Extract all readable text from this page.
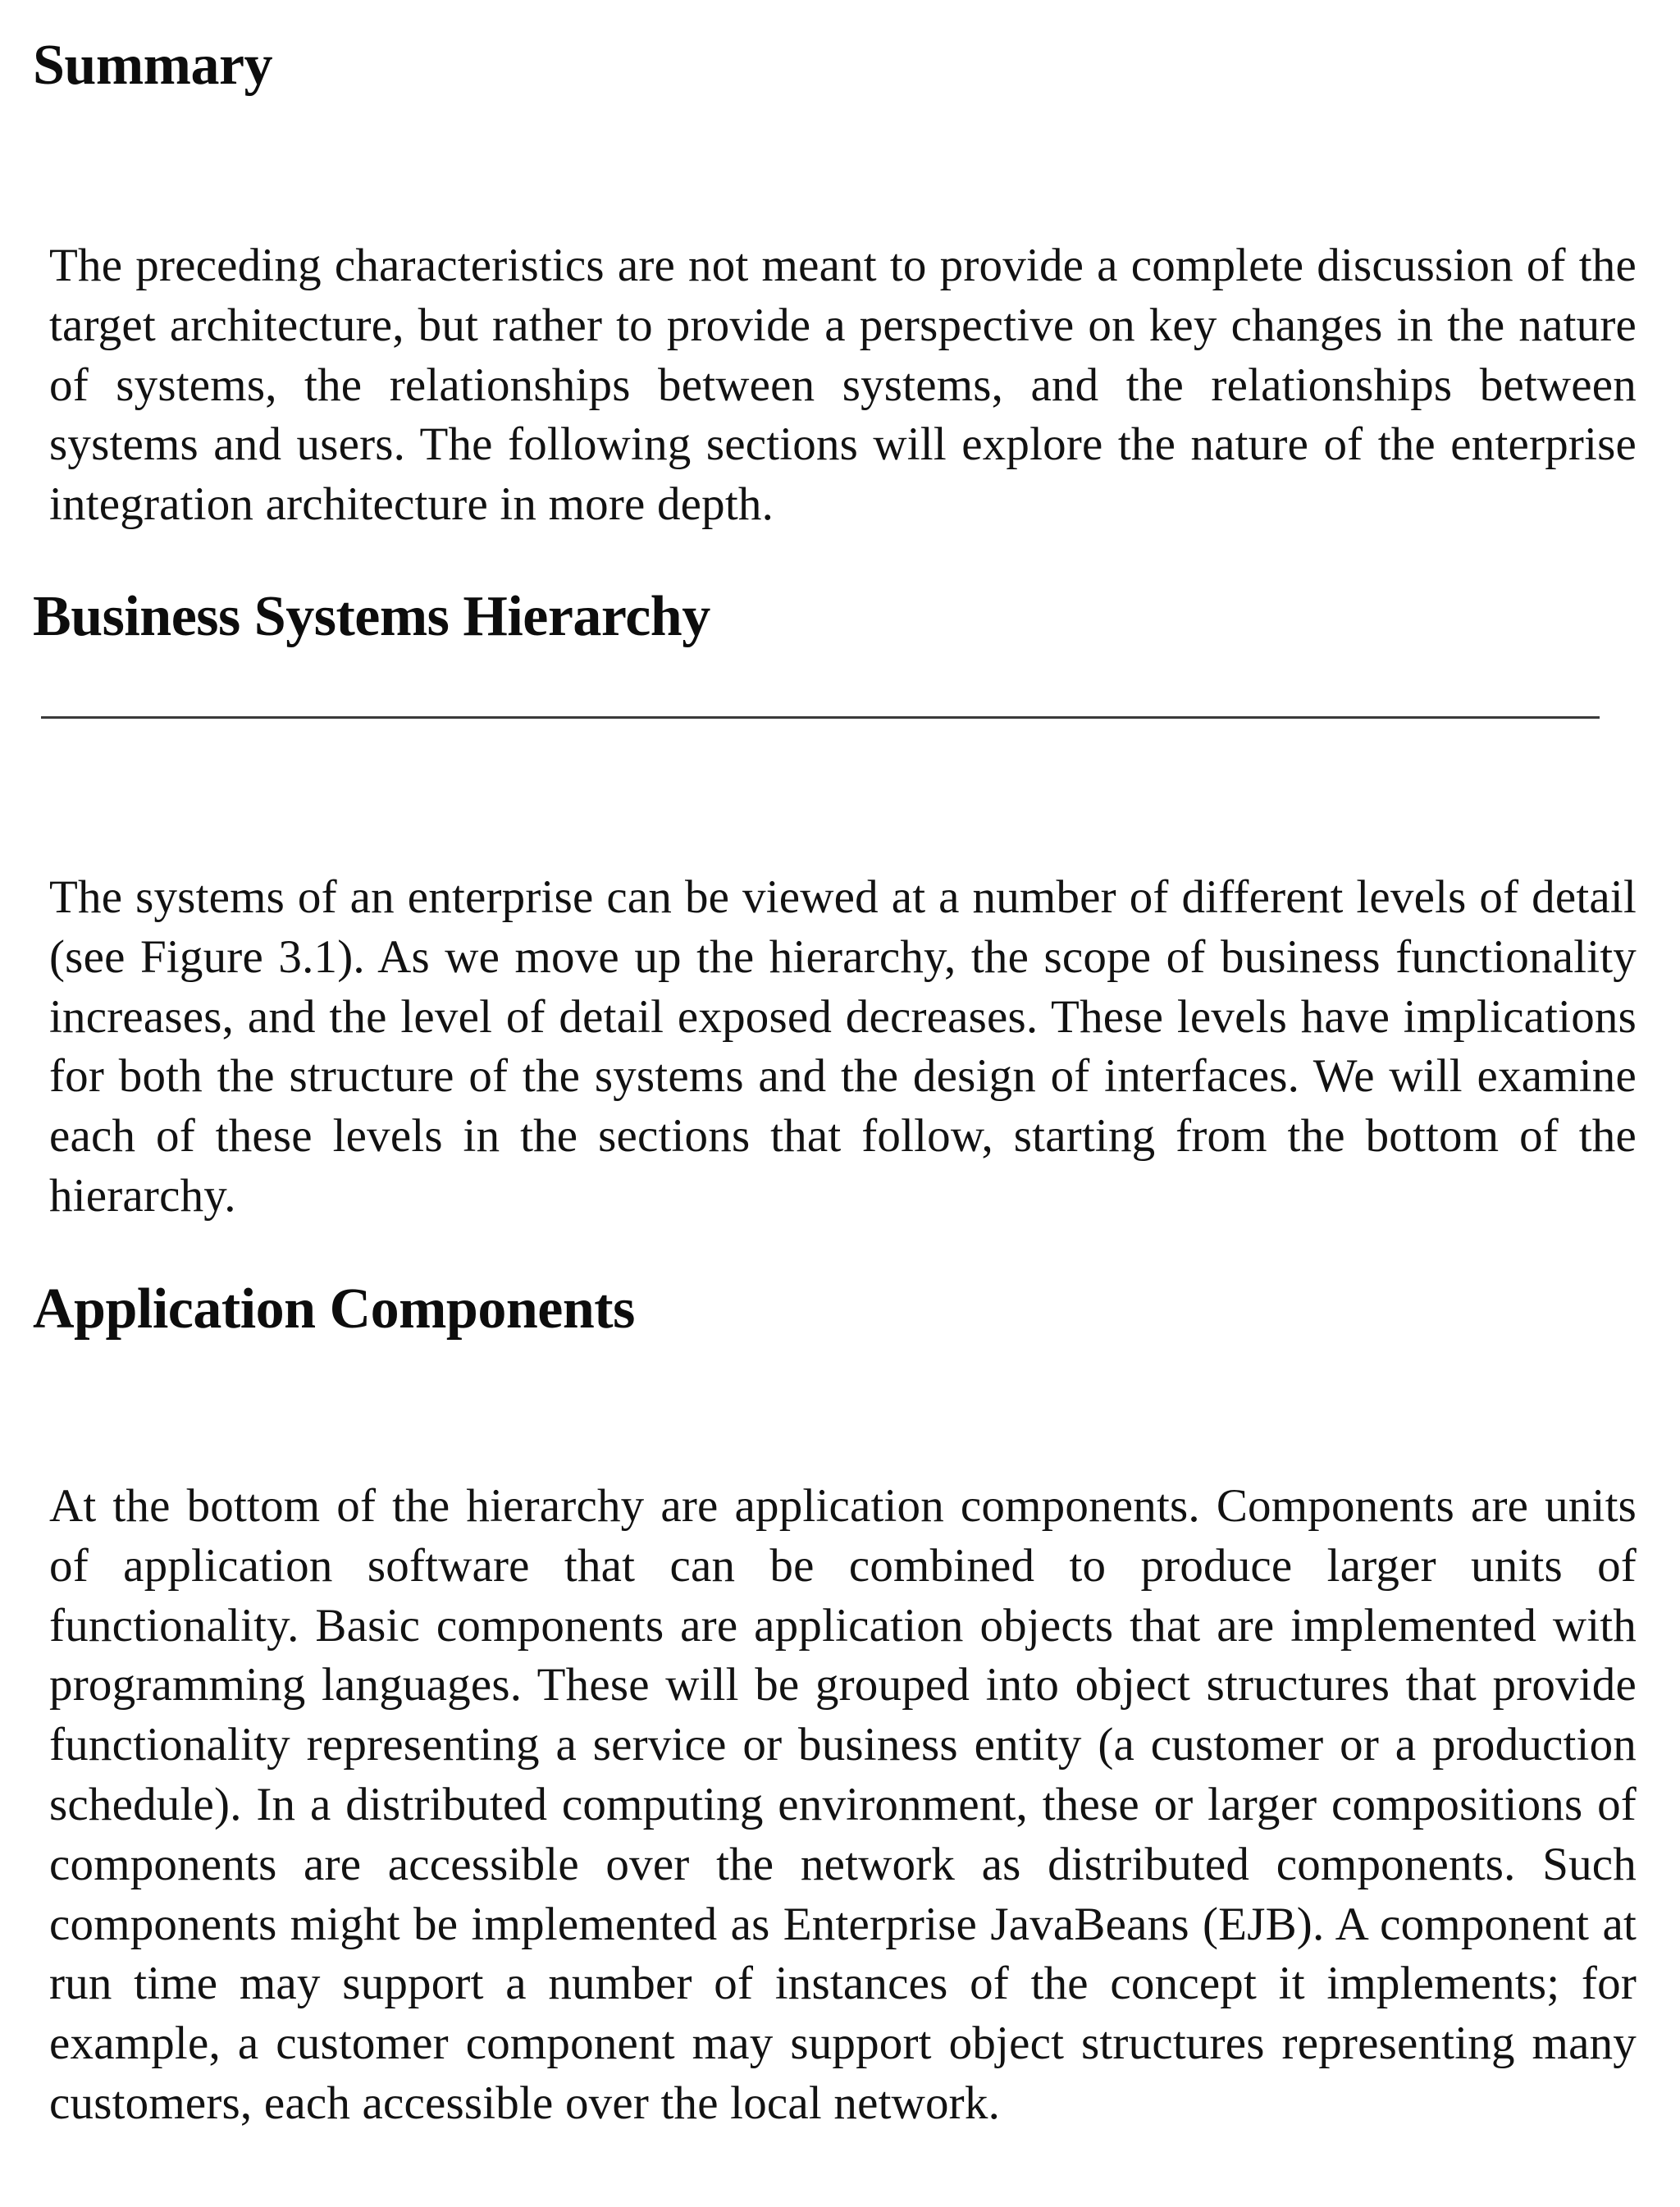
Summary

The preceding characteristics are not meant to provide a complete discussion of the target architecture, but rather to provide a perspective on key changes in the nature of systems, the relationships between systems, and the relationships between systems and users. The following sections will explore the nature of the enterprise integration architecture in more depth.

Business Systems Hierarchy

The systems of an enterprise can be viewed at a number of different levels of detail (see Figure 3.1). As we move up the hierarchy, the scope of business functionality increases, and the level of detail exposed decreases. These levels have implications for both the structure of the systems and the design of interfaces. We will examine each of these levels in the sections that follow, starting from the bottom of the hierarchy.

Application Components

At the bottom of the hierarchy are application components. Components are units of application software that can be combined to produce larger units of functionality. Basic components are application objects that are implemented with programming languages. These will be grouped into object structures that provide functionality representing a service or business entity (a customer or a production schedule). In a distributed computing environment, these or larger compositions of components are accessible over the network as distributed components. Such components might be implemented as Enterprise JavaBeans (EJB). A component at run time may support a number of instances of the concept it implements; for example, a customer component may support object structures representing many customers, each accessible over the local network.
